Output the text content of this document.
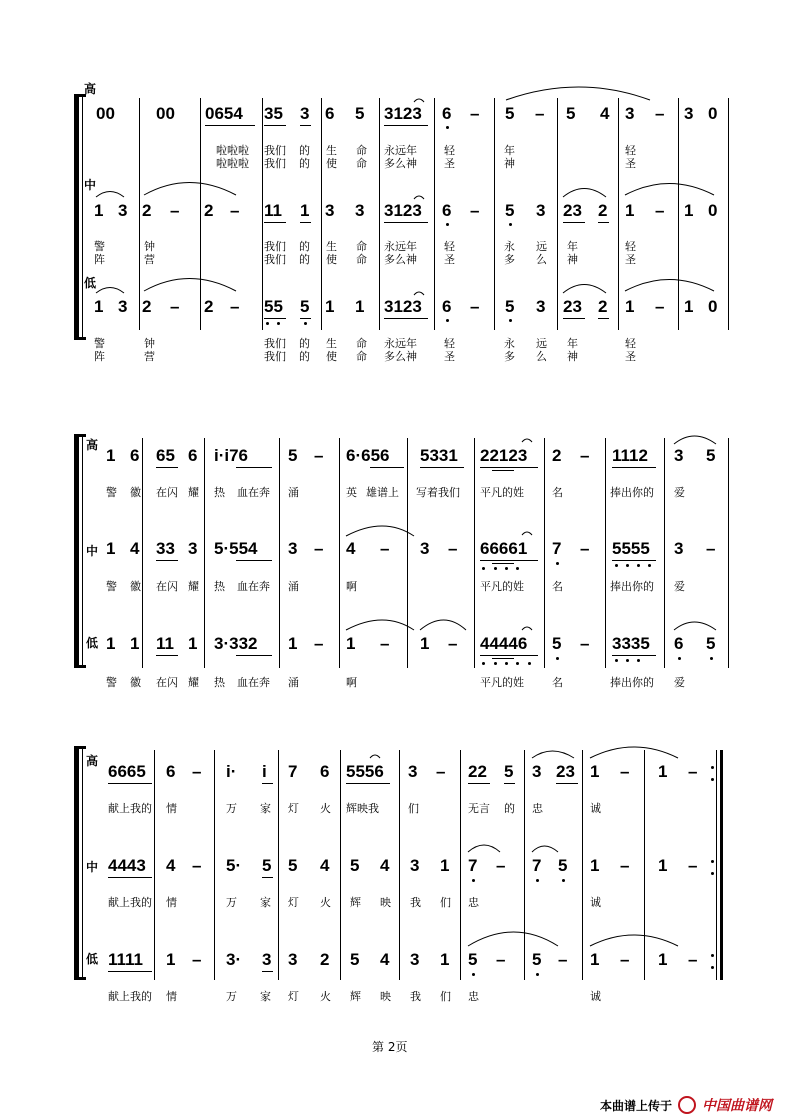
高
中
低
00 00 0654 35 3 6 5 3123 6 – 5 – 5 4 3 – 3 0
啦啦啦 我们 的 生 命 永远年 轻	年	轻
啦啦啦 我们 的 使 命 多么神 圣	神	圣
1 3 2 – 2 – 11 1 3 3 3123 6 – 5 3 23 2 1 – 1 0
警	钟	我们 的 生 命 永远年 轻	永 远 年	轻
阵	营	我们 的 使 命 多么神 圣	多 么 神	圣
1 3 2 – 2 – 55 5 1 1 3123 6 – 5 3 23 2 1 – 1 0
警	钟	我们 的 生 命 永远年 轻	永 远 年	轻
阵	营	我们 的 使 命 多么神 圣	多 么 神	圣
高
中
低
1 6 65 6 i·i76 5 – 6·656 5331 22123 2 – 1112 3 5
警 徽 在闪 耀 热 血在奔 涌	英 雄谱上 写着我们 平凡的姓	名	捧出你的 爱
1 4 33 3 5·554 3 – 4 – 3 – 66661 7 – 5555 3 –
警 徽 在闪 耀 热 血在奔 涌	啊	平凡的姓	名	捧出你的 爱
1 1 11 1 3·332 1 – 1 – 1 – 44446 5 – 3335 6 5
警 徽 在闪 耀 热 血在奔 涌	啊	平凡的姓	名	捧出你的 爱
高
中
低
6665 6 – i· i 7 6 5556 3 – 22 5 3 23 1 – 1 –
献上我的 情	万 家 灯 火 辉映我	们	无言 的 忠	诚
4443 4 – 5· 5 5 4 5 4 3 1 7 – 7 5 1 – 1 –
献上我的 情	万 家 灯 火 辉 映 我 们 忠	诚
1111 1 – 3· 3 3 2 5 4 3 1 5 – 5 – 1 – 1 –
献上我的 情	万 家 灯 火 辉 映 我 们 忠	诚
第 2页
本曲谱上传于 中国曲谱网
